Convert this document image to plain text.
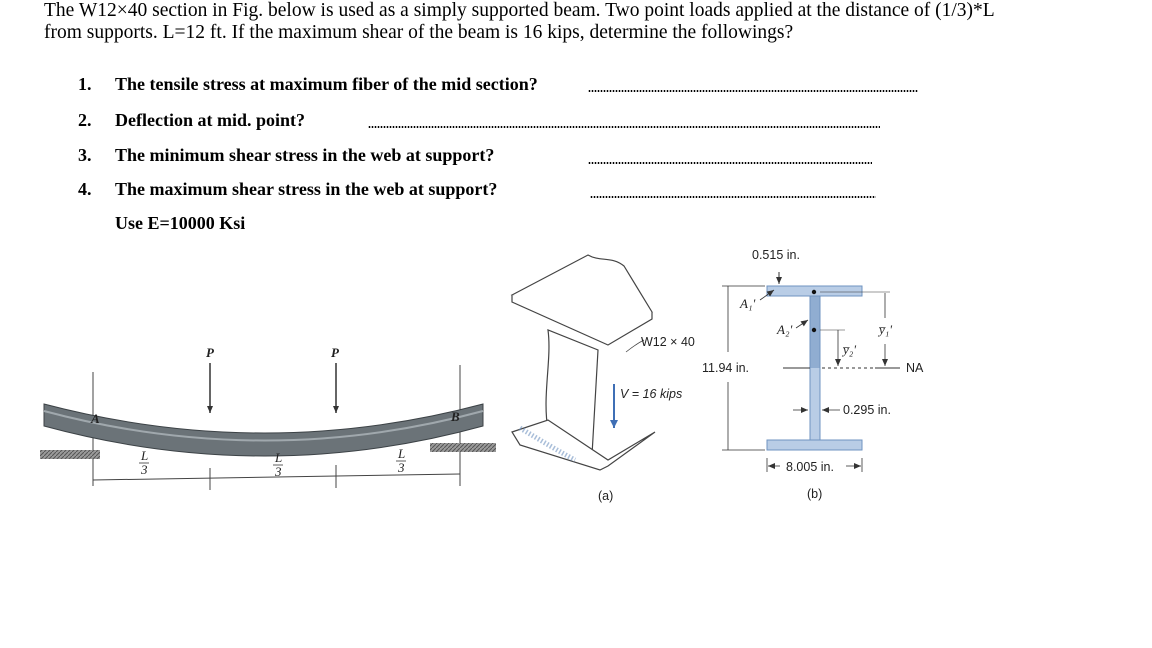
The W12×40 section in Fig. below is used as a simply supported beam. Two point loads applied at the distance of (1/3)*L
from supports. L=12 ft. If the maximum shear of the beam is 16 kips, determine the followings?
1. The tensile stress at maximum fiber of the mid section?
2. Deflection at mid. point?
3. The minimum shear stress in the web at support?
4. The maximum shear stress in the web at support?
Use E=10000 Ksi
A	B
P	P
L
3
L
3
L
3
W12 × 40
V = 16 kips
(a)
0.515 in.
A₁'
A₂'
11.94 in.	NA
y̅₁'
y̅₂'
0.295 in.
8.005 in.
(b)
